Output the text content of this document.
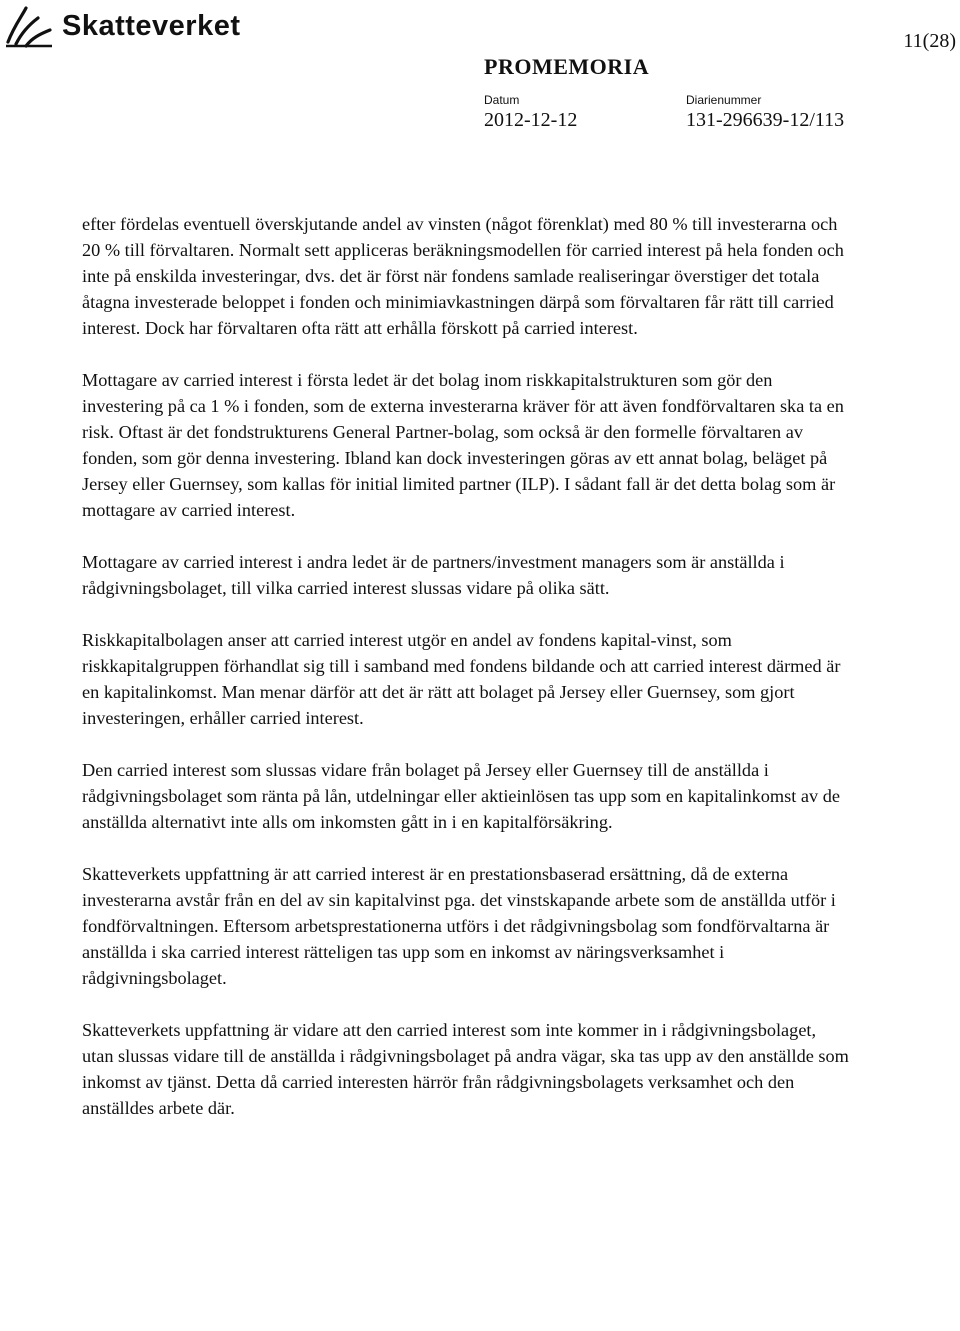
Skatteverket	11(28)
PROMEMORIA
Datum
2012-12-12
Diarienummer
131-296639-12/113

efter fördelas eventuell överskjutande andel av vinsten (något förenklat) med 80 % till investerarna och 20 % till förvaltaren. Normalt sett appliceras beräkningsmodellen för carried interest på hela fonden och inte på enskilda investeringar, dvs. det är först när fondens samlade realiseringar överstiger det totala åtagna investerade beloppet i fonden och minimiavkastningen därpå som förvaltaren får rätt till carried interest. Dock har förvaltaren ofta rätt att erhålla förskott på carried interest.

Mottagare av carried interest i första ledet är det bolag inom riskkapitalstrukturen som gör den investering på ca 1 % i fonden, som de externa investerarna kräver för att även fondförvaltaren ska ta en risk. Oftast är det fondstrukturens General Partner-bolag, som också är den formelle förvaltaren av fonden, som gör denna investering. Ibland kan dock investeringen göras av ett annat bolag, beläget på Jersey eller Guernsey, som kallas för initial limited partner (ILP). I sådant fall är det detta bolag som är mottagare av carried interest.

Mottagare av carried interest i andra ledet är de partners/investment managers som är anställda i rådgivningsbolaget, till vilka carried interest slussas vidare på olika sätt.

Riskkapitalbolagen anser att carried interest utgör en andel av fondens kapital-vinst, som riskkapitalgruppen förhandlat sig till i samband med fondens bildande och att carried interest därmed är en kapitalinkomst. Man menar därför att det är rätt att bolaget på Jersey eller Guernsey, som gjort investeringen, erhåller carried interest.

Den carried interest som slussas vidare från bolaget på Jersey eller Guernsey till de anställda i rådgivningsbolaget som ränta på lån, utdelningar eller aktieinlösen tas upp som en kapitalinkomst av de anställda alternativt inte alls om inkomsten gått in i en kapitalförsäkring.

Skatteverkets uppfattning är att carried interest är en prestationsbaserad ersättning, då de externa investerarna avstår från en del av sin kapitalvinst pga. det vinstskapande arbete som de anställda utför i fondförvaltningen. Eftersom arbetsprestationerna utförs i det rådgivningsbolag som fondförvaltarna är anställda i ska carried interest rätteligen tas upp som en inkomst av näringsverksamhet i rådgivningsbolaget.

Skatteverkets uppfattning är vidare att den carried interest som inte kommer in i rådgivningsbolaget, utan slussas vidare till de anställda i rådgivningsbolaget på andra vägar, ska tas upp av den anställde som inkomst av tjänst. Detta då carried interesten härrör från rådgivningsbolagets verksamhet och den anställdes arbete där.
